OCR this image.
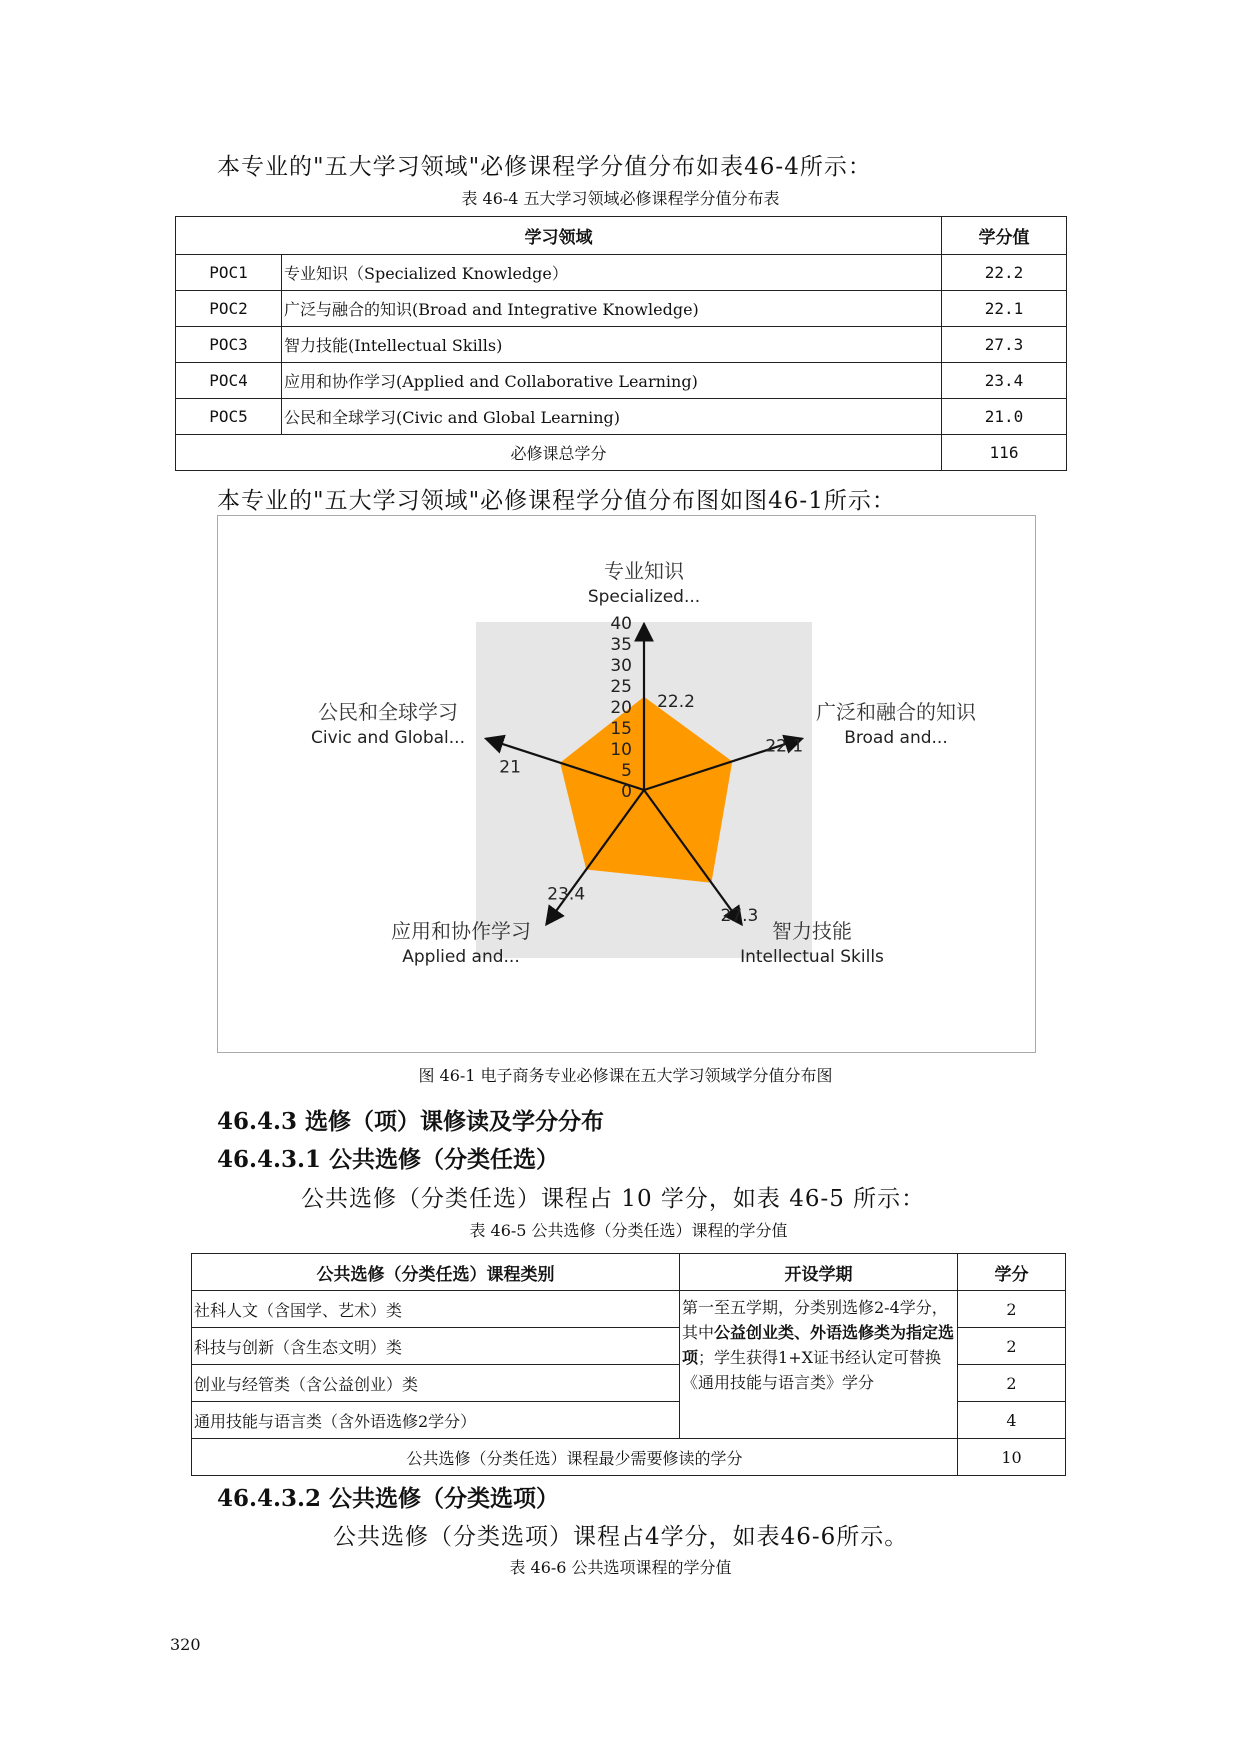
本专业的"五大学习领域"必修课程学分值分布如表46-4所示：
表 46-4 五大学习领域必修课程学分值分布表
学习领域		学分值
POC1	专业知识（Specialized Knowledge）	22.2
POC2	广泛与融合的知识(Broad and Integrative Knowledge)	22.1
POC3	智力技能(Intellectual Skills)	27.3
POC4	应用和协作学习(Applied and Collaborative Learning)	23.4
POC5	公民和全球学习(Civic and Global Learning)	21.0
必修课总学分		116
本专业的"五大学习领域"必修课程学分值分布图如图46-1所示：
40
35
30
25
20
15
10
5
0
22.2
22.1
27.3
23.4
21
专业知识
Specialized...
广泛和融合的知识
Broad and...
智力技能
Intellectual Skills
应用和协作学习
Applied and...
公民和全球学习
Civic and Global...
图 46-1 电子商务专业必修课在五大学习领域学分值分布图
46.4.3 选修（项）课修读及学分分布
46.4.3.1 公共选修（分类任选）
公共选修（分类任选）课程占 10 学分，如表 46-5 所示：
表 46-5 公共选修（分类任选）课程的学分值
公共选修（分类任选）课程类别	开设学期	学分
社科人文（含国学、艺术）类	第一至五学期，分类别选修2-4学分，其中公益创业类、外语选修类为指定选项；学生获得1+X证书经认定可替换《通用技能与语言类》学分	2
科技与创新（含生态文明）类		2
创业与经管类（含公益创业）类		2
通用技能与语言类（含外语选修2学分）		4
公共选修（分类任选）课程最少需要修读的学分		10
46.4.3.2 公共选修（分类选项）
公共选修（分类选项）课程占4学分，如表46-6所示。
表 46-6 公共选项课程的学分值
320
